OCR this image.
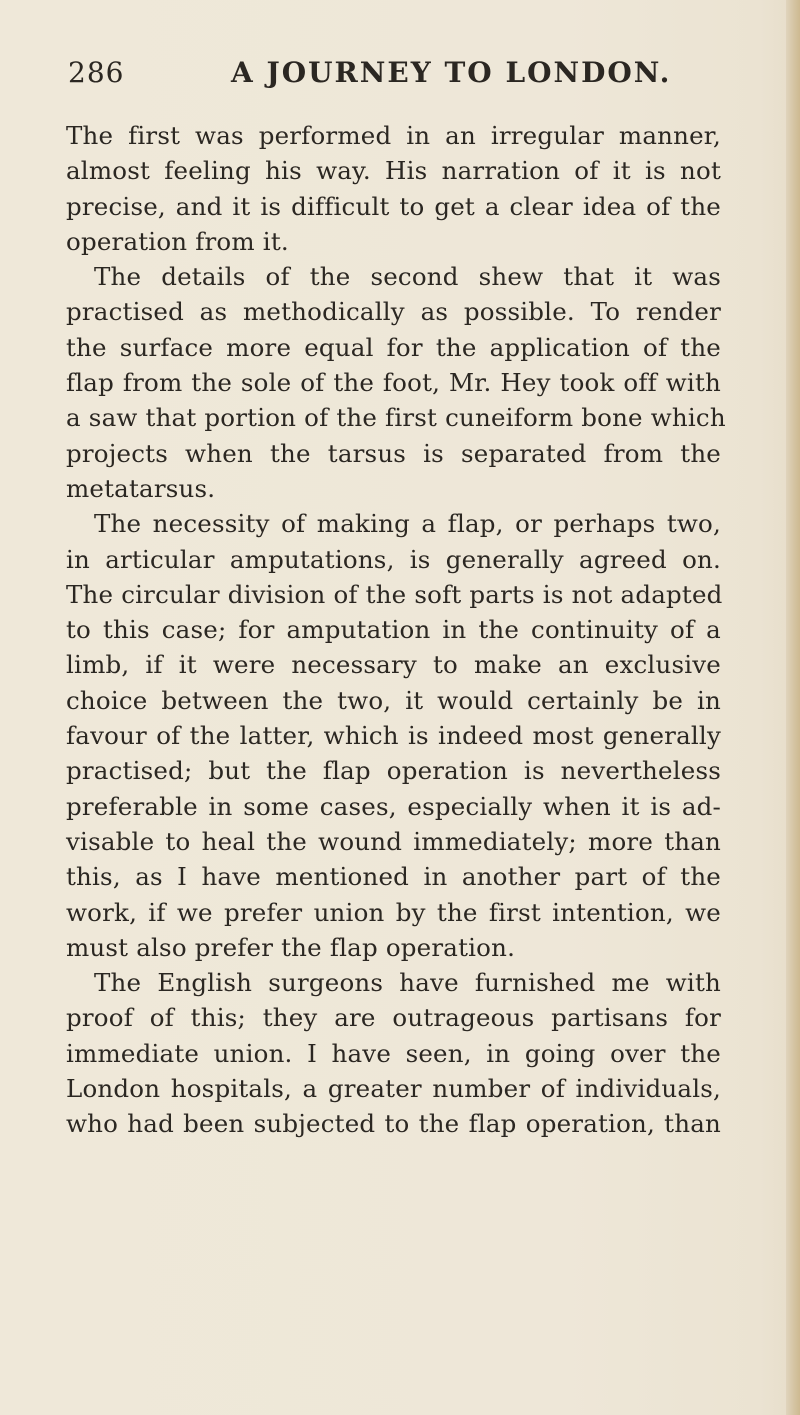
286	A JOURNEY TO LONDON.
The first was performed in an irregular manner,
almost feeling his way. His narration of it is not
precise, and it is difficult to get a clear idea of the
operation from it.
The details of the second shew that it was
practised as methodically as possible. To render
the surface more equal for the application of the
flap from the sole of the foot, Mr. Hey took off with
a saw that portion of the first cuneiform bone which
projects when the tarsus is separated from the
metatarsus.
The necessity of making a flap, or perhaps two,
in articular amputations, is generally agreed on.
The circular division of the soft parts is not adapted
to this case; for amputation in the continuity of a
limb, if it were necessary to make an exclusive
choice between the two, it would certainly be in
favour of the latter, which is indeed most generally
practised; but the flap operation is nevertheless
preferable in some cases, especially when it is ad-
visable to heal the wound immediately; more than
this, as I have mentioned in another part of the
work, if we prefer union by the first intention, we
must also prefer the flap operation.
The English surgeons have furnished me with
proof of this; they are outrageous partisans for
immediate union. I have seen, in going over the
London hospitals, a greater number of individuals,
who had been subjected to the flap operation, than
